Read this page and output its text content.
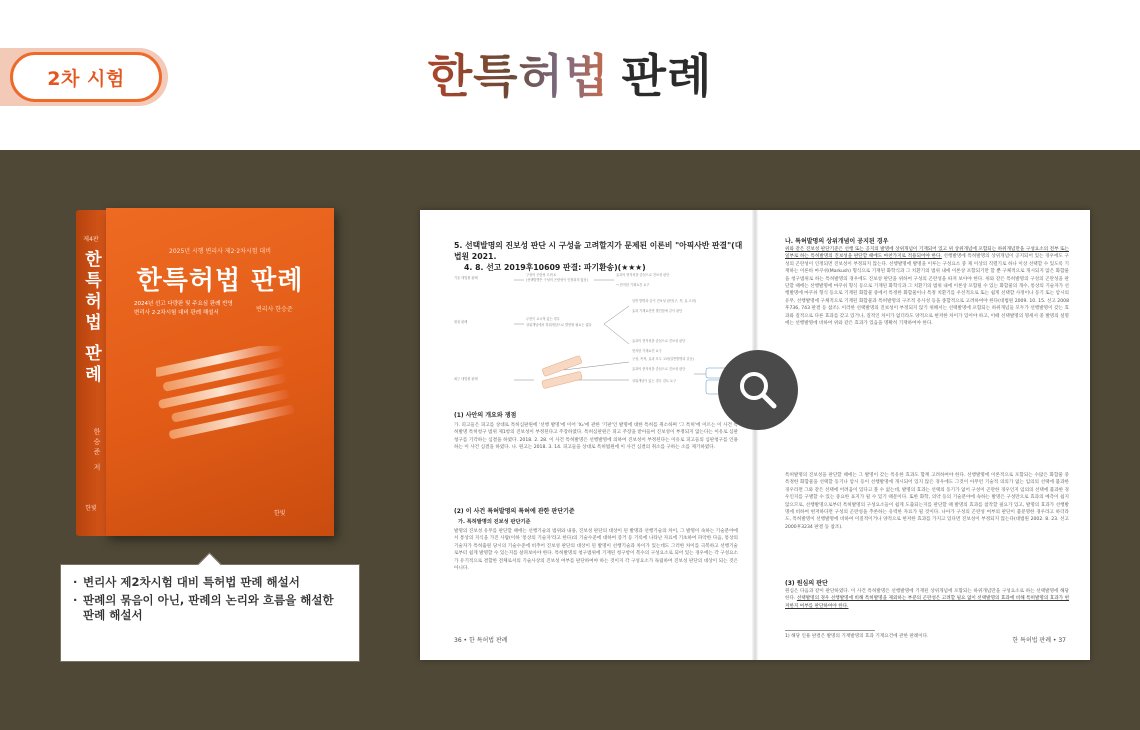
2차 시험	한특허법 판례
제4판
한특허법 판례
한승준 저
한빛
2025년 시행 변리사 제2·2차시험 대비
한특허법 판례
2024년 선고 다량판 및 주요심 판례 반영
변리사 2·2차시험 대비 판례 해설서	변리사 한승준
한빛
· 변리사 제2차시험 대비 특허법 판례 해설서
· 판례의 묶음이 아닌, 판례의 논리와 흐름을 해설한 판례 해설서
5. 선택발명의 진보성 판단 시 구성을 고려할지가 문제된 이론비 "아픽사반 판결"(대법원 2021.
4. 8. 선고 2019후10609 판결: 파기환송)(★★★)
기존 대법원 판례
구성의 곤란성 고려 X
(선택발명은 구성의 곤란성이 인정되지 않음)
효과의 현저성을 중심으로 진보성 판단
→ 현저한 기재요건 요구
원심 판례
무엇이 교시적 있는 경우
상위개념에서 하위개념으로 발현할 필요는 없다
일반 발명과 같이 진보성 판단(구, 목, 효 고려)
효과 기재요건만 발전함에 같이 판단
효과의 현저성을 중심으로 진보성 판단
현저한 기재요건 요구
최근 대법원 판례
구성, 목적, 효과 모두 고려(일반발명과 같음)
효과의 현저성을 중심으로 진보성 판단
상위개념이 있는 경우 검토 요구
(1) 사안의 개요와 쟁점
가. 피고들은 피고를 상대로 특허심판원에 '선행 발명'에 이어 'X₄'에 관한 '기판'인 발명에 대한 특허를 취소하며 '그 특허'에 이르는 이 사건 특허발명 특허청구 범위 제1항의 진보성이 부정된다고 주장하였다. 특허심판원은 피고 주장을 받아들여 진보성이 부정되지 않는다는 이유로 심판청구를 기각하는 심결을 하였다. 2018. 2. 28. 이 사건 특허발명은 선행발명에 의하여 진보성이 부정된다는 이유로 피고들의 심판청구를 인용하는 이 사건 심결을 하였다. 나. 원고는 2018. 3. 14. 피고들을 상대로 특허법원에 이 사건 심결의 취소를 구하는 소를 제기하였다.
(2) 이 사건 특허발명의 특허에 관한 판단기준
가. 특허발명의 진보성 판단기준
발명의 진보성 유무를 판단할 때에는 선행기술의 범위와 내용, 진보성 판단의 대상이 된 발명과 선행기술의 차이, 그 발명이 속하는 기술분야에서 통상의 지식을 가진 사람(이하 '통상의 기술자'라고 한다)의 기술수준에 대하여 증거 등 기록에 나타난 자료에 기초하여 파악한 다음, 통상의 기술자가 특허출원 당시의 기술수준에 비추어 진보성 판단의 대상이 된 발명이 선행기술과 차이가 있는데도 그러한 차이를 극복하고 선행기술로부터 쉽게 발명할 수 있는지를 살펴보아야 한다. 특허발명의 청구범위에 기재된 청구항이 복수의 구성요소로 되어 있는 경우에는 각 구성요소가 유기적으로 결합한 전체로서의 기술사상의 진보성 여부를 판단하여야 하는 것이지 각 구성요소가 독립하여 진보성 판단의 대상이 되는 것은 아니다.
36 • 한 특허법 판례
나. 특허발명의 상위개념이 공지된 경우
위와 같은 진보성 판단기준은 선행 또는 공지의 발명에 상위개념이 기재되어 있고 위 상위개념에 포함되는 하위개념만을 구성요소의 전부 또는 일부로 하는 특허발명의 진보성을 판단할 때에도 마찬가지로 적용되어야 한다. 선행발명에 특허발명의 상위개념이 공지되어 있는 경우에도 구성의 곤란성이 인정되면 진보성이 부정되지 않는다. 선행발명에 발명을 이루는 구성요소 중 제 이상의 직렬기로 하나 이상 선택할 수 있도록 기재하는 이른바 마쿠쉬(Markush) 형식으로 기재된 화학식과 그 치환기의 범위 내에 이론상 포함되기만 할 뿐 구체적으로 개시되지 않은 화합물을 청구범위로 하는 특허발명의 경우에도 진보성 판단을 위하여 구성의 곤란성을 따져 보아야 한다. 위와 같은 특허발명의 구성의 곤란성을 판단할 때에는 선행발명에 마쿠쉬 형식 등으로 기재된 화학식과 그 치환기의 범위 내에 이론상 포함될 수 있는 화합물의 개수, 통상의 기술자가 선행발명에 마쿠쉬 형식 등으로 기재된 화합물 중에서 특정한 화합물이나 특정 치환기를 우선적으로 또는 쉽게 선택할 사정이나 동기 또는 암시의 유무, 선행발명에 구체적으로 기재된 화합물과 특허발명의 구조적 유사성 등을 종합적으로 고려하여야 한다(대법원 2009. 10. 15. 선고 2008후736, 743 판결 등 참조). 이러한 선택발명의 진보성이 부정되지 않기 위해서는 선택발명에 포함되는 하위개념들 모두가 선행발명이 갖는 효과와 질적으로 다른 효과를 갖고 있거나, 질적인 차이가 없더라도 양적으로 현저한 차이가 있어야 하고, 이때 선택발명의 명세서 중 발명의 설명에는 선행발명에 비하여 위와 같은 효과가 있음을 명확히 기재하여야 한다.
특허발명의 진보성을 판단할 때에는 그 발명이 갖는 특유한 효과도 함께 고려하여야 한다. 선행발명에 이론적으로 포함되는 수많은 화합물 중 특정한 화합물을 선택할 동기나 암시 등이 선행발명에 개시되어 있지 않은 경우에도 그것이 아무런 기술적 의의가 없는 임의의 선택에 불과한 경우라면 그와 같은 선택에 어려움이 있다고 볼 수 없는데, 발명의 효과는 선택의 동기가 없어 구성이 곤란한 경우인지 임의의 선택에 불과한 경우인지를 구별할 수 있는 중요한 표지가 될 수 있기 때문이다. 또한 화학, 의약 등의 기술분야에 속하는 발명은 구성만으로 효과의 예측이 쉽지 않으므로, 선행발명으로부터 특허발명의 구성요소들이 쉽게 도출되는지를 판단할 때 발명의 효과를 참작할 필요가 있고, 발명의 효과가 선행발명에 비하여 현저하다면 구성의 곤란성을 추론하는 유력한 자료가 될 것이다. 나아가 구성의 곤란성 여부의 판단이 불분명한 경우라고 하더라도, 특허발명이 선행발명에 비하여 이질적이거나 양적으로 현저한 효과를 가지고 있다면 진보성이 부정되지 않는다(대법원 2002. 8. 23. 선고 2000후3234 판결 등 참조).
(3) 원심의 판단
원심은 다음과 같이 판단하였다. 이 사건 특허발명은 선행발명에 기재된 상위개념에 포함되는 하위개념만을 구성요소로 하는 선택발명에 해당한다. 선택발명의 경우 선행발명에 비해 특허발명을 제외하는 부분의 곤란성은 고려할 필요 없이 선택발명의 효과에 비해 특허발명의 효과가 현저한지 여부를 판단하여야 한다.
1) 해당 인용 판결은 발명의 기재발명의 효과 기재요건에 관한 판례이다.
한 특허법 판례 • 37
